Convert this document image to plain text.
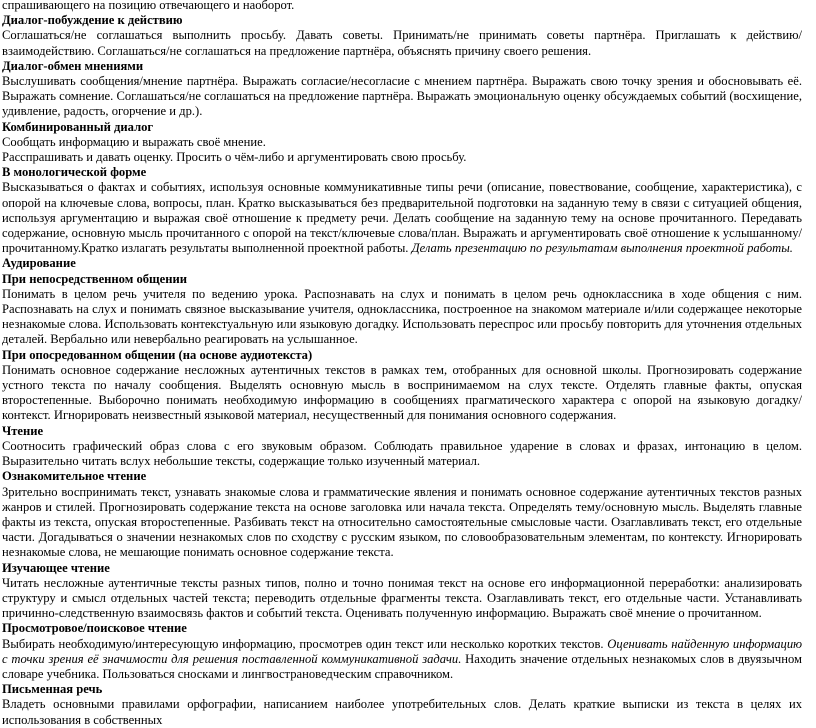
спрашивающего на позицию отвечающего и наоборот.

Диалог-побуждение к действию

Соглашаться/не соглашаться выполнить просьбу. Давать советы. Принимать/не принимать советы партнёра. Приглашать к действию/взаимодействию. Соглашаться/не соглашаться на предложение партнёра, объяснять причину своего решения.

Диалог-обмен мнениями

Выслушивать сообщения/мнение партнёра. Выражать согласие/несогласие с мнением партнёра. Выражать свою точку зрения и обосновывать её. Выражать сомнение. Соглашаться/не соглашаться на предложение партнёра. Выражать эмоциональную оценку обсуждаемых событий (восхищение, удивление, радость, огорчение и др.).

Комбинированный диалог

Сообщать информацию и выражать своё мнение.

Расспрашивать и давать оценку. Просить о чём-либо и аргументировать свою просьбу.

В монологической форме

Высказываться о фактах и событиях, используя основные коммуникативные типы речи (описание, повествование, сообщение, характеристика), с опорой на ключевые слова, вопросы, план. Кратко высказываться без предварительной подготовки на заданную тему в связи с ситуацией общения, используя аргументацию и выражая своё отношение к предмету речи. Делать сообщение на заданную тему на основе прочитанного. Передавать содержание, основную мысль прочитанного с опорой на текст/ключевые слова/план. Выражать и аргументировать своё отношение к услышанному/прочитанному.Кратко излагать результаты выполненной проектной работы. Делать презентацию по результатам выполнения проектной работы.

Аудирование

При непосредственном общении

Понимать в целом речь учителя по ведению урока. Распознавать на слух и понимать в целом речь одноклассника в ходе общения с ним. Распознавать на слух и понимать связное высказывание учителя, одноклассника, построенное на знакомом материале и/или содержащее некоторые незнакомые слова. Использовать контекстуальную или языковую догадку. Использовать переспрос или просьбу повторить для уточнения отдельных деталей. Вербально или невербально реагировать на услышанное.

При опосредованном общении (на основе аудиотекста)

Понимать основное содержание несложных аутентичных текстов в рамках тем, отобранных для основной школы. Прогнозировать содержание устного текста по началу сообщения. Выделять основную мысль в воспринимаемом на слух тексте. Отделять главные факты, опуская второстепенные. Выборочно понимать необходимую информацию в сообщениях прагматического характера с опорой на языковую догадку/контекст. Игнорировать неизвестный языковой материал, несущественный для понимания основного содержания.

Чтение

Соотносить графический образ слова с его звуковым образом. Соблюдать правильное ударение в словах и фразах, интонацию в целом. Выразительно читать вслух небольшие тексты, содержащие только изученный материал.

Ознакомительное чтение

Зрительно воспринимать текст, узнавать знакомые слова и грамматические явления и понимать основное содержание аутентичных текстов разных жанров и стилей. Прогнозировать содержание текста на основе заголовка или начала текста. Определять тему/основную мысль. Выделять главные факты из текста, опуская второстепенные. Разбивать текст на относительно самостоятельные смысловые части. Озаглавливать текст, его отдельные части. Догадываться о значении незнакомых слов по сходству с русским языком, по словообразовательным элементам, по контексту. Игнорировать незнакомые слова, не мешающие понимать основное содержание текста.

Изучающее чтение

Читать несложные аутентичные тексты разных типов, полно и точно понимая текст на основе его информационной переработки: анализировать структуру и смысл отдельных частей текста; переводить отдельные фрагменты текста. Озаглавливать текст, его отдельные части. Устанавливать причинно-следственную взаимосвязь фактов и событий текста. Оценивать полученную информацию. Выражать своё мнение о прочитанном.

Просмотровое/поисковое чтение

Выбирать необходимую/интересующую информацию, просмотрев один текст или несколько коротких текстов. Оценивать найденную информацию с точки зрения её значимости для решения поставленной коммуникативной задачи. Находить значение отдельных незнакомых слов в двуязычном словаре учебника. Пользоваться сносками и лингвострановедческим справочником.

Письменная речь

Владеть основными правилами орфографии, написанием наиболее употребительных слов. Делать краткие выписки из текста в целях их использования в собственных
